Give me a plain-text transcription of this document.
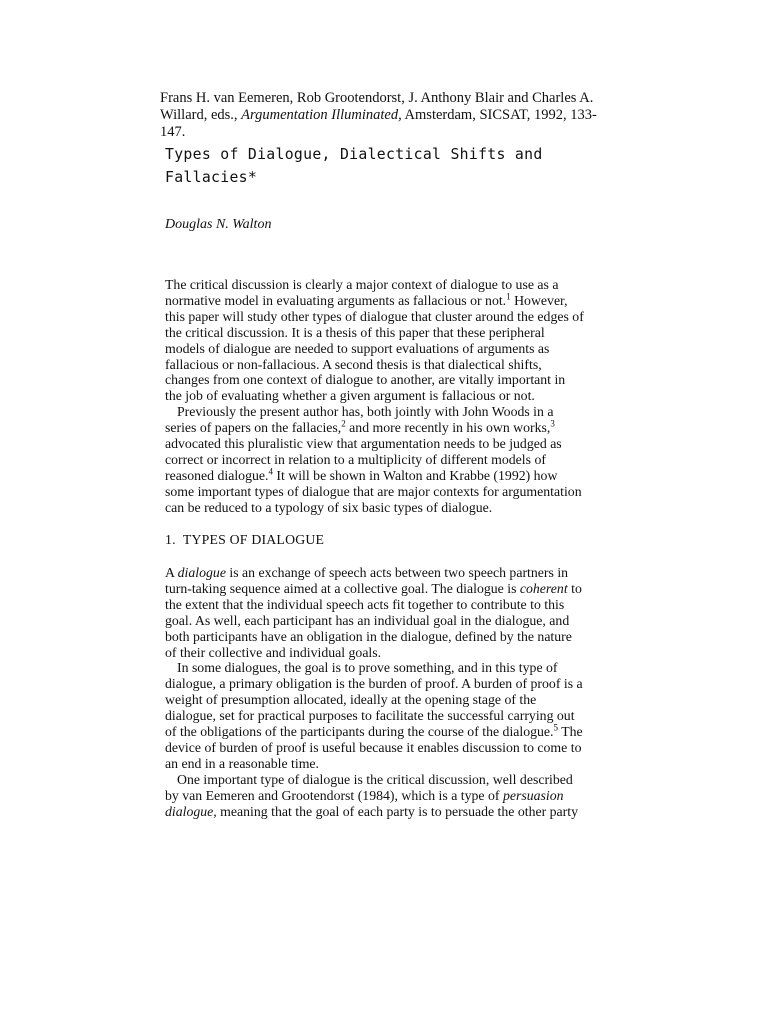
Frans H. van Eemeren, Rob Grootendorst, J. Anthony Blair and Charles A. Willard, eds., Argumentation Illuminated, Amsterdam, SICSAT, 1992, 133-147.
Types of Dialogue, Dialectical Shifts and Fallacies*
Douglas N. Walton

The critical discussion is clearly a major context of dialogue to use as a normative model in evaluating arguments as fallacious or not.$^1$ However, this paper will study other types of dialogue that cluster around the edges of the critical discussion. It is a thesis of this paper that these peripheral models of dialogue are needed to support evaluations of arguments as fallacious or non-fallacious. A second thesis is that dialectical shifts, changes from one context of dialogue to another, are vitally important in the job of evaluating whether a given argument is fallacious or not.

Previously the present author has, both jointly with John Woods in a series of papers on the fallacies,$^2$ and more recently in his own works,$^3$ advocated this pluralistic view that argumentation needs to be judged as correct or incorrect in relation to a multiplicity of different models of reasoned dialogue.$^4$ It will be shown in Walton and Krabbe (1992) how some important types of dialogue that are major contexts for argumentation can be reduced to a typology of six basic types of dialogue.

1. TYPES OF DIALOGUE

A dialogue is an exchange of speech acts between two speech partners in turn-taking sequence aimed at a collective goal. The dialogue is coherent to the extent that the individual speech acts fit together to contribute to this goal. As well, each participant has an individual goal in the dialogue, and both participants have an obligation in the dialogue, defined by the nature of their collective and individual goals.

In some dialogues, the goal is to prove something, and in this type of dialogue, a primary obligation is the burden of proof. A burden of proof is a weight of presumption allocated, ideally at the opening stage of the dialogue, set for practical purposes to facilitate the successful carrying out of the obligations of the participants during the course of the dialogue.$^5$ The device of burden of proof is useful because it enables discussion to come to an end in a reasonable time.

One important type of dialogue is the critical discussion, well described by van Eemeren and Grootendorst (1984), which is a type of persuasion dialogue, meaning that the goal of each party is to persuade the other party
